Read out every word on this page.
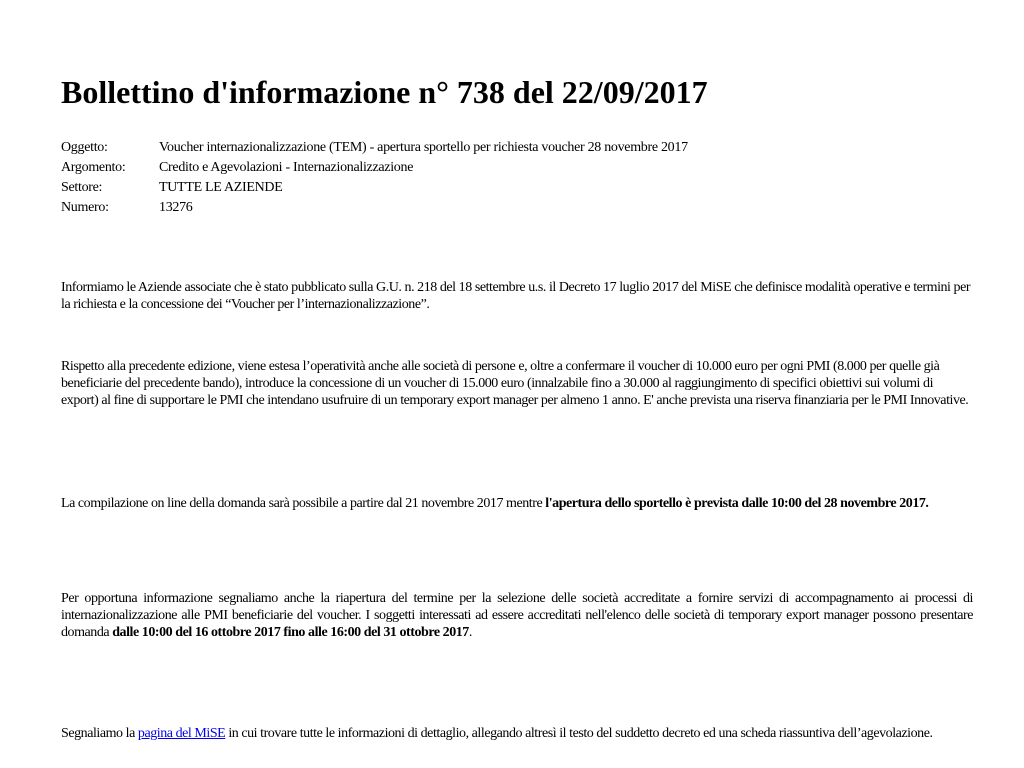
Bollettino d'informazione n° 738 del 22/09/2017
Oggetto:	Voucher internazionalizzazione (TEM) - apertura sportello per richiesta voucher 28 novembre 2017
Argomento:	Credito e Agevolazioni - Internazionalizzazione
Settore:	TUTTE LE AZIENDE
Numero:	13276

Informiamo le Aziende associate che è stato pubblicato sulla G.U. n. 218 del 18 settembre u.s. il Decreto 17 luglio 2017 del MiSE che definisce modalità operative e termini per la richiesta e la concessione dei “Voucher per l’internazionalizzazione”.

Rispetto alla precedente edizione, viene estesa l’operatività anche alle società di persone e, oltre a confermare il voucher di 10.000 euro per ogni PMI (8.000 per quelle già beneficiarie del precedente bando), introduce la concessione di un voucher di 15.000 euro (innalzabile fino a 30.000 al raggiungimento di specifici obiettivi sui volumi di export) al fine di supportare le PMI che intendano usufruire di un temporary export manager per almeno 1 anno. E' anche prevista una riserva finanziaria per le PMI Innovative.

La compilazione on line della domanda sarà possibile a partire dal 21 novembre 2017 mentre l'apertura dello sportello è prevista dalle 10:00 del 28 novembre 2017.

Per opportuna informazione segnaliamo anche la riapertura del termine per la selezione delle società accreditate a fornire servizi di accompagnamento ai processi di internazionalizzazione alle PMI beneficiarie del voucher. I soggetti interessati ad essere accreditati nell'elenco delle società di temporary export manager possono presentare domanda dalle 10:00 del 16 ottobre 2017 fino alle 16:00 del 31 ottobre 2017.

Segnaliamo la pagina del MiSE in cui trovare tutte le informazioni di dettaglio, allegando altresì il testo del suddetto decreto ed una scheda riassuntiva dell’agevolazione.
